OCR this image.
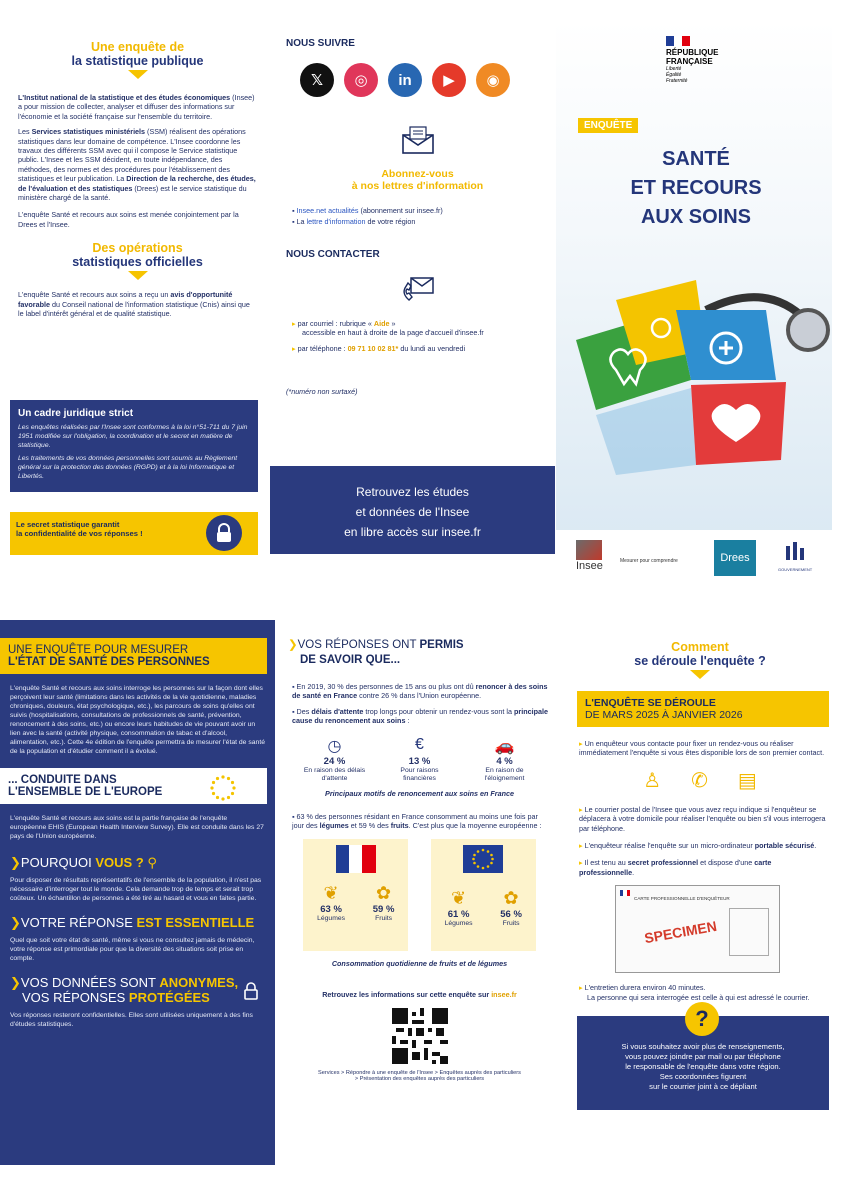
Une enquête de
la statistique publique

L'Institut national de la statistique et des études économiques (Insee) a pour mission de collecter, analyser et diffuser des informations sur l'économie et la société française sur l'ensemble du territoire.

Les Services statistiques ministériels (SSM) réalisent des opérations statistiques dans leur domaine de compétence. L'Insee coordonne les travaux des différents SSM avec qui il compose le Service statistique public. L'Insee et les SSM décident, en toute indépendance, des méthodes, des normes et des procédures pour l'établissement des statistiques et leur publication. La Direction de la recherche, des études, de l'évaluation et des statistiques (Drees) est le service statistique du ministère chargé de la santé.

L'enquête Santé et recours aux soins est menée conjointement par la Drees et l'Insee.

Des opérations
statistiques officielles

L'enquête Santé et recours aux soins a reçu un avis d'opportunité favorable du Conseil national de l'information statistique (Cnis) ainsi que le label d'intérêt général et de qualité statistique.

Un cadre juridique strict

Les enquêtes réalisées par l'Insee sont conformes à la loi n°51-711 du 7 juin 1951 modifiée sur l'obligation, la coordination et le secret en matière de statistique.

Les traitements de vos données personnelles sont soumis au Règlement général sur la protection des données (RGPD) et à la loi Informatique et Libertés.

Le secret statistique garantit
la confidentialité de vos réponses !
NOUS SUIVRE
𝕏	◎	in	▶	◉
Abonnez-vous
à nos lettres d'information
▪ Insee.net actualités (abonnement sur insee.fr)
▪ La lettre d'information de votre région
NOUS CONTACTER
▸ par courriel : rubrique « Aide »
accessible en haut à droite de la page d'accueil d'insee.fr
▸ par téléphone : 09 71 10 02 81* du lundi au vendredi
(*numéro non surtaxé)
Retrouvez les études
et données de l'Insee
en libre accès sur insee.fr
RÉPUBLIQUE
FRANÇAISE
Liberté
Égalité
Fraternité
ENQUÊTE
SANTÉ
ET RECOURS
AUX SOINS
Insee	Mesurer pour comprendre	Drees
GOUVERNEMENT
UNE ENQUÊTE POUR MESURER
L'ÉTAT DE SANTÉ DES PERSONNES

L'enquête Santé et recours aux soins interroge les personnes sur la façon dont elles perçoivent leur santé (limitations dans les activités de la vie quotidienne, maladies chroniques, douleurs, état psychologique, etc.), les parcours de soins qu'elles ont suivis (hospitalisations, consultations de professionnels de santé, prévention, renoncement à des soins, etc.) ou encore leurs habitudes de vie pouvant avoir un lien avec la santé (activité physique, consommation de tabac et d'alcool, alimentation, etc.). Cette 4e édition de l'enquête permettra de mesurer l'état de santé de la population et d'étudier comment il a évolué.

... CONDUITE DANS
L'ENSEMBLE DE L'EUROPE

L'enquête Santé et recours aux soins est la partie française de l'enquête européenne EHIS (European Health Interview Survey). Elle est conduite dans les 27 pays de l'Union européenne.

❯POURQUOI VOUS ? ⚲

Pour disposer de résultats représentatifs de l'ensemble de la population, il n'est pas nécessaire d'interroger tout le monde. Cela demande trop de temps et serait trop coûteux. Un échantillon de personnes a été tiré au hasard et vous en faites partie.

❯VOTRE RÉPONSE EST ESSENTIELLE

Quel que soit votre état de santé, même si vous ne consultez jamais de médecin, votre réponse est primordiale pour que la diversité des situations soit prise en compte.

❯VOS DONNÉES SONT ANONYMES,
VOS RÉPONSES PROTÉGÉES

Vos réponses resteront confidentielles. Elles sont utilisées uniquement à des fins d'études statistiques.

❯VOS RÉPONSES ONT PERMIS
DE SAVOIR QUE...
▪ En 2019, 30 % des personnes de 15 ans ou plus ont dû renoncer à des soins de santé en France contre 26 % dans l'Union européenne.
▪ Des délais d'attente trop longs pour obtenir un rendez-vous sont la principale cause du renoncement aux soins :
◷
24 %
En raison des délais d'attente
€
13 %
Pour raisons financières
🚗
4 %
En raison de l'éloignement
Principaux motifs de renoncement aux soins en France
▪ 63 % des personnes résidant en France consomment au moins une fois par jour des légumes et 59 % des fruits. C'est plus que la moyenne européenne :
❦
63 %
Légumes
✿
59 %
Fruits
❦
61 %
Légumes
✿
56 %
Fruits
Consommation quotidienne de fruits et de légumes
Retrouvez les informations sur cette enquête sur insee.fr
Services > Répondre à une enquête de l'Insee > Enquêtes auprès des particuliers
> Présentation des enquêtes auprès des particuliers
Comment
se déroule l'enquête ?
L'ENQUÊTE SE DÉROULE
DE MARS 2025 À JANVIER 2026
▸ Un enquêteur vous contacte pour fixer un rendez-vous ou réaliser immédiatement l'enquête si vous êtes disponible lors de son premier contact.
♙ ✆ ▤
▸ Le courrier postal de l'Insee que vous avez reçu indique si l'enquêteur se déplacera à votre domicile pour réaliser l'enquête ou bien s'il vous interrogera par téléphone.
▸ L'enquêteur réalise l'enquête sur un micro-ordinateur portable sécurisé.
▸ Il est tenu au secret professionnel et dispose d'une carte professionnelle.
CARTE PROFESSIONNELLE D'ENQUÊTEUR
SPECIMEN
▸ L'entretien durera environ 40 minutes.
La personne qui sera interrogée est celle à qui est adressé le courrier.
?
Si vous souhaitez avoir plus de renseignements,
vous pouvez joindre par mail ou par téléphone
le responsable de l'enquête dans votre région.
Ses coordonnées figurent
sur le courrier joint à ce dépliant
